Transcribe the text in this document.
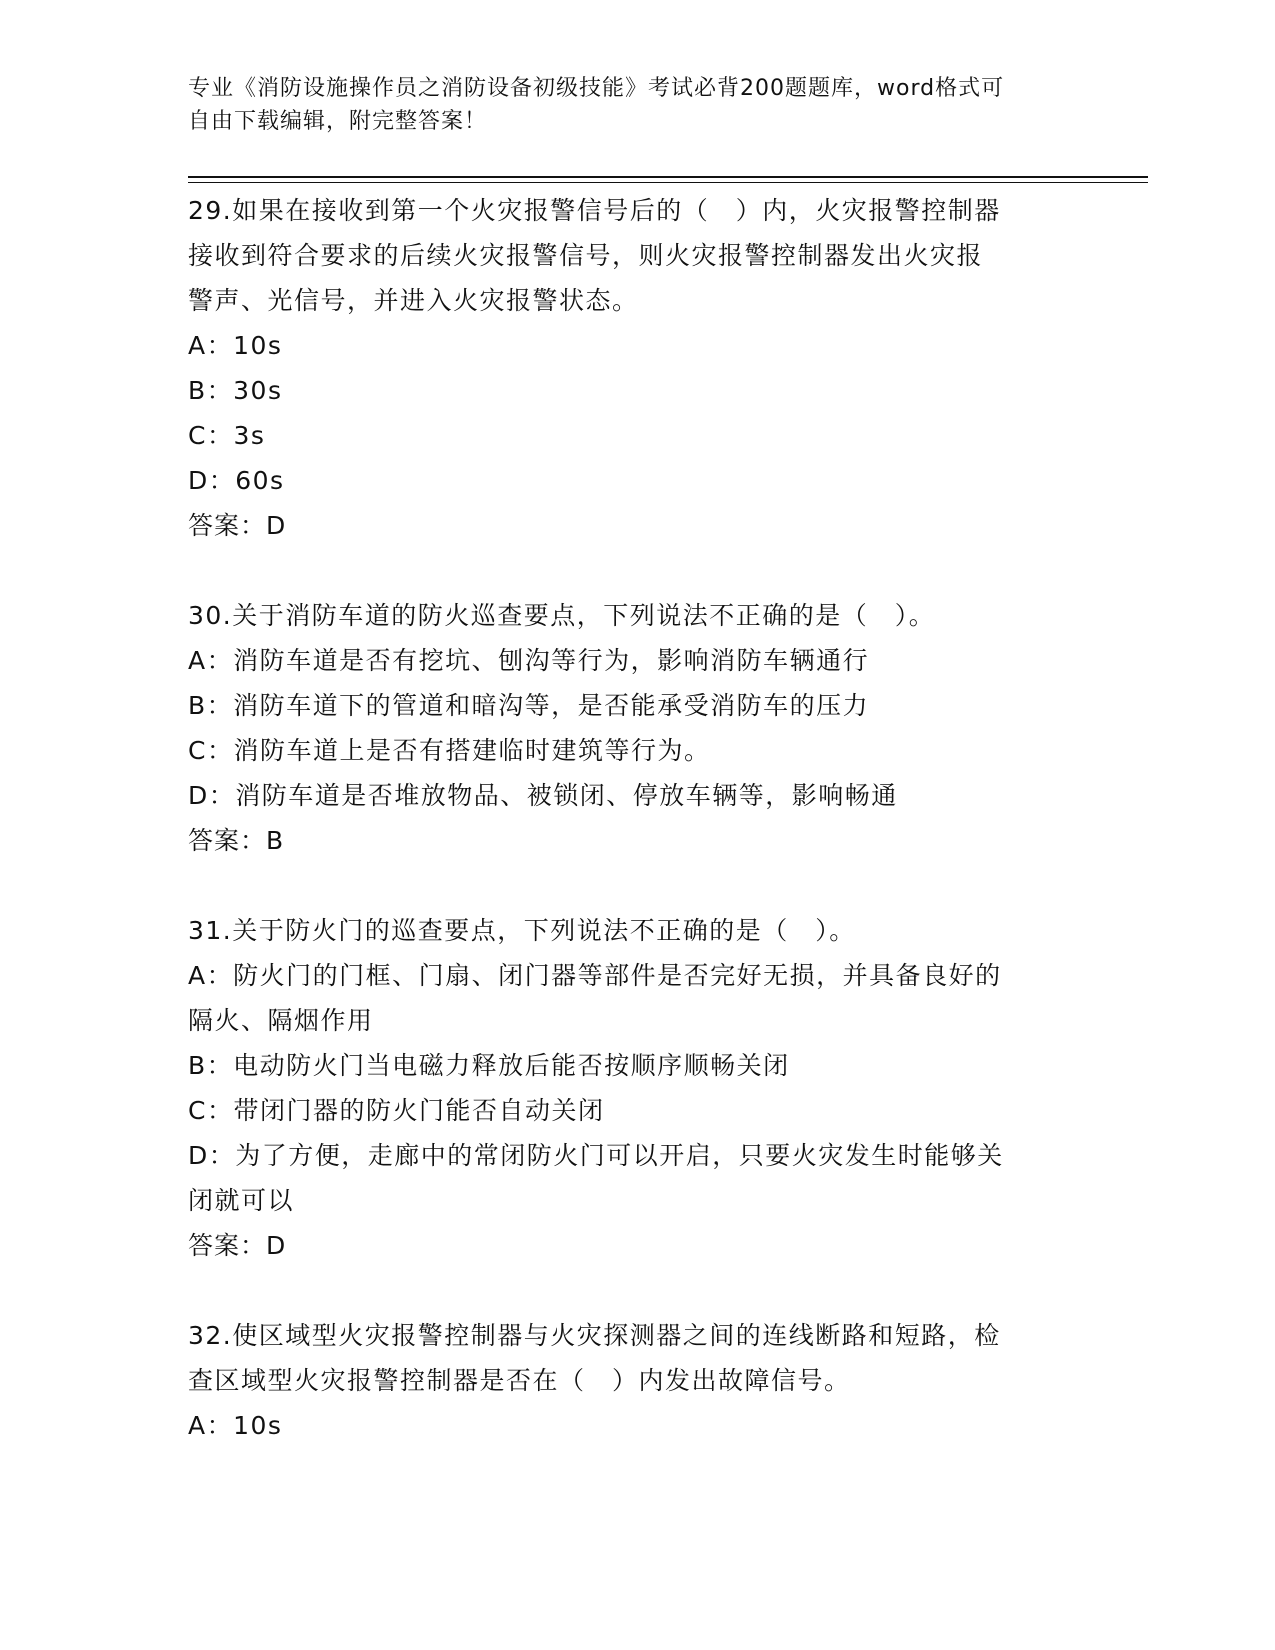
专业《消防设施操作员之消防设备初级技能》考试必背200题题库，word格式可
自由下载编辑，附完整答案！
29.如果在接收到第一个火灾报警信号后的（　）内，火灾报警控制器
接收到符合要求的后续火灾报警信号，则火灾报警控制器发出火灾报
警声、光信号，并进入火灾报警状态。
A：10s
B：30s
C：3s
D：60s
答案：D
30.关于消防车道的防火巡查要点，下列说法不正确的是（　）。
A：消防车道是否有挖坑、刨沟等行为，影响消防车辆通行
B：消防车道下的管道和暗沟等，是否能承受消防车的压力
C：消防车道上是否有搭建临时建筑等行为。
D：消防车道是否堆放物品、被锁闭、停放车辆等，影响畅通
答案：B
31.关于防火门的巡查要点，下列说法不正确的是（　）。
A：防火门的门框、门扇、闭门器等部件是否完好无损，并具备良好的
隔火、隔烟作用
B：电动防火门当电磁力释放后能否按顺序顺畅关闭
C：带闭门器的防火门能否自动关闭
D：为了方便，走廊中的常闭防火门可以开启，只要火灾发生时能够关
闭就可以
答案：D
32.使区域型火灾报警控制器与火灾探测器之间的连线断路和短路，检
查区域型火灾报警控制器是否在（　）内发出故障信号。
A：10s
